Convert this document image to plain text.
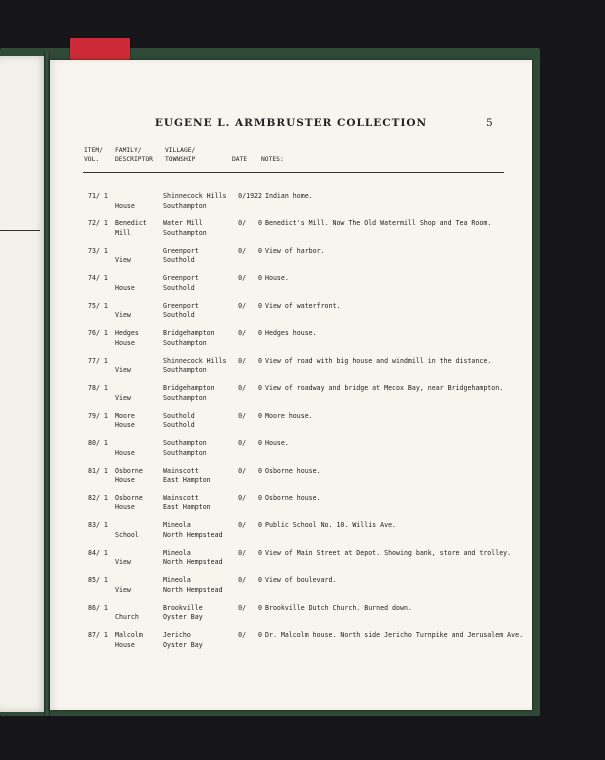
EUGENE L. ARMBRUSTER COLLECTION	5
ITEM/
VOL.
FAMILY/
DESCRIPTOR
VILLAGE/
TOWNSHIP	DATE NOTES:
71/ 1
House
Shinnecock Hills
Southampton
0/1922 Indian home.
72/ 1 Benedict
Mill
Water Mill
Southampton
0/   0 Benedict's Mill. Now The Old Watermill Shop and Tea Room.
73/ 1
View
Greenport
Southold
0/   0 View of harbor.
74/ 1
House
Greenport
Southold
0/   0 House.
75/ 1
View
Greenport
Southold
0/   0 View of waterfront.
76/ 1 Hedges
House
Bridgehampton
Southampton
0/   0 Hedges house.
77/ 1
View
Shinnecock Hills
Southampton
0/   0 View of road with big house and windmill in the distance.
78/ 1
View
Bridgehampton
Southampton
0/   0 View of roadway and bridge at Mecox Bay, near Bridgehampton.
79/ 1 Moore
House
Southold
Southold
0/   0 Moore house.
80/ 1
House
Southampton
Southampton
0/   0 House.
81/ 1 Osborne
House
Wainscott
East Hampton
0/   0 Osborne house.
82/ 1 Osborne
House
Wainscott
East Hampton
0/   0 Osborne house.
83/ 1
School
Mineola
North Hempstead
0/   0 Public School No. 10. Willis Ave.
84/ 1
View
Mineola
North Hempstead
0/   0 View of Main Street at Depot. Showing bank, store and trolley.
85/ 1
View
Mineola
North Hempstead
0/   0 View of boulevard.
86/ 1
Church
Brookville
Oyster Bay
0/   0 Brookville Dutch Church. Burned down.
87/ 1 Malcolm
House
Jericho
Oyster Bay
0/   0 Dr. Malcolm house. North side Jericho Turnpike and Jerusalem Ave.
